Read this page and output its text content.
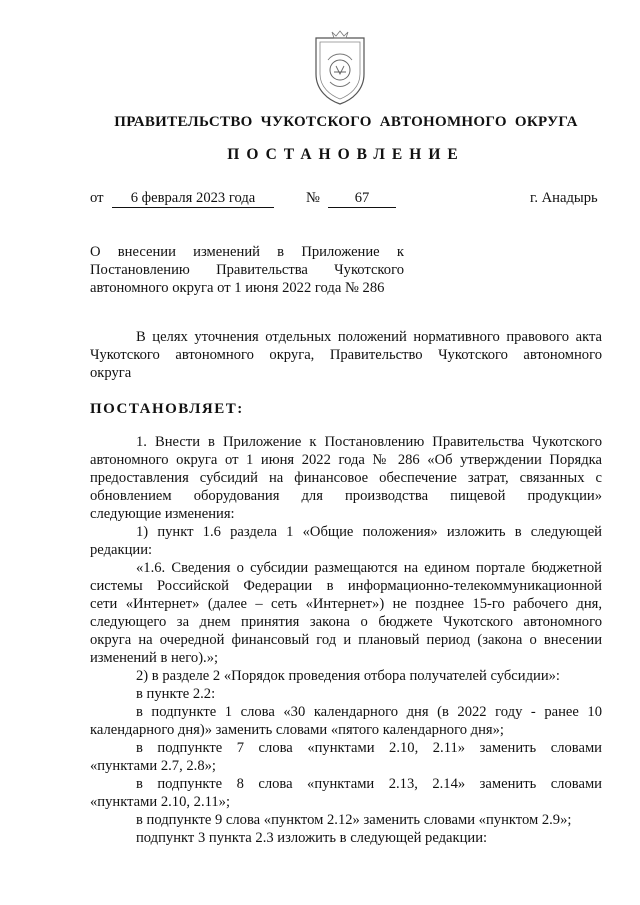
ПРАВИТЕЛЬСТВО ЧУКОТСКОГО АВТОНОМНОГО ОКРУГА
ПОСТАНОВЛЕНИЕ
от	6 февраля 2023 года	№	67	г. Анадырь
О внесении изменений в Приложение к
Постановлению Правительства Чукотского
автономного округа от 1 июня 2022 года № 286
В целях уточнения отдельных положений нормативного правового акта
Чукотского автономного округа, Правительство Чукотского автономного
округа
ПОСТАНОВЛЯЕТ:
1. Внести в Приложение к Постановлению Правительства Чукотского
автономного округа от 1 июня 2022 года № 286 «Об утверждении Порядка
предоставления субсидий на финансовое обеспечение затрат, связанных с
обновлением оборудования для производства пищевой продукции»
следующие изменения:
1) пункт 1.6 раздела 1 «Общие положения» изложить в следующей
редакции:
«1.6. Сведения о субсидии размещаются на едином портале бюджетной
системы Российской Федерации в информационно-телекоммуникационной
сети «Интернет» (далее – сеть «Интернет») не позднее 15-го рабочего дня,
следующего за днем принятия закона о бюджете Чукотского автономного
округа на очередной финансовый год и плановый период (закона о внесении
изменений в него).»;
2) в разделе 2 «Порядок проведения отбора получателей субсидии»:
в пункте 2.2:
в подпункте 1 слова «30 календарного дня (в 2022 году - ранее 10
календарного дня)» заменить словами «пятого календарного дня»;
в подпункте 7 слова «пунктами 2.10, 2.11» заменить словами
«пунктами 2.7, 2.8»;
в подпункте 8 слова «пунктами 2.13, 2.14» заменить словами
«пунктами 2.10, 2.11»;
в подпункте 9 слова «пунктом 2.12» заменить словами «пунктом 2.9»;
подпункт 3 пункта 2.3 изложить в следующей редакции:
